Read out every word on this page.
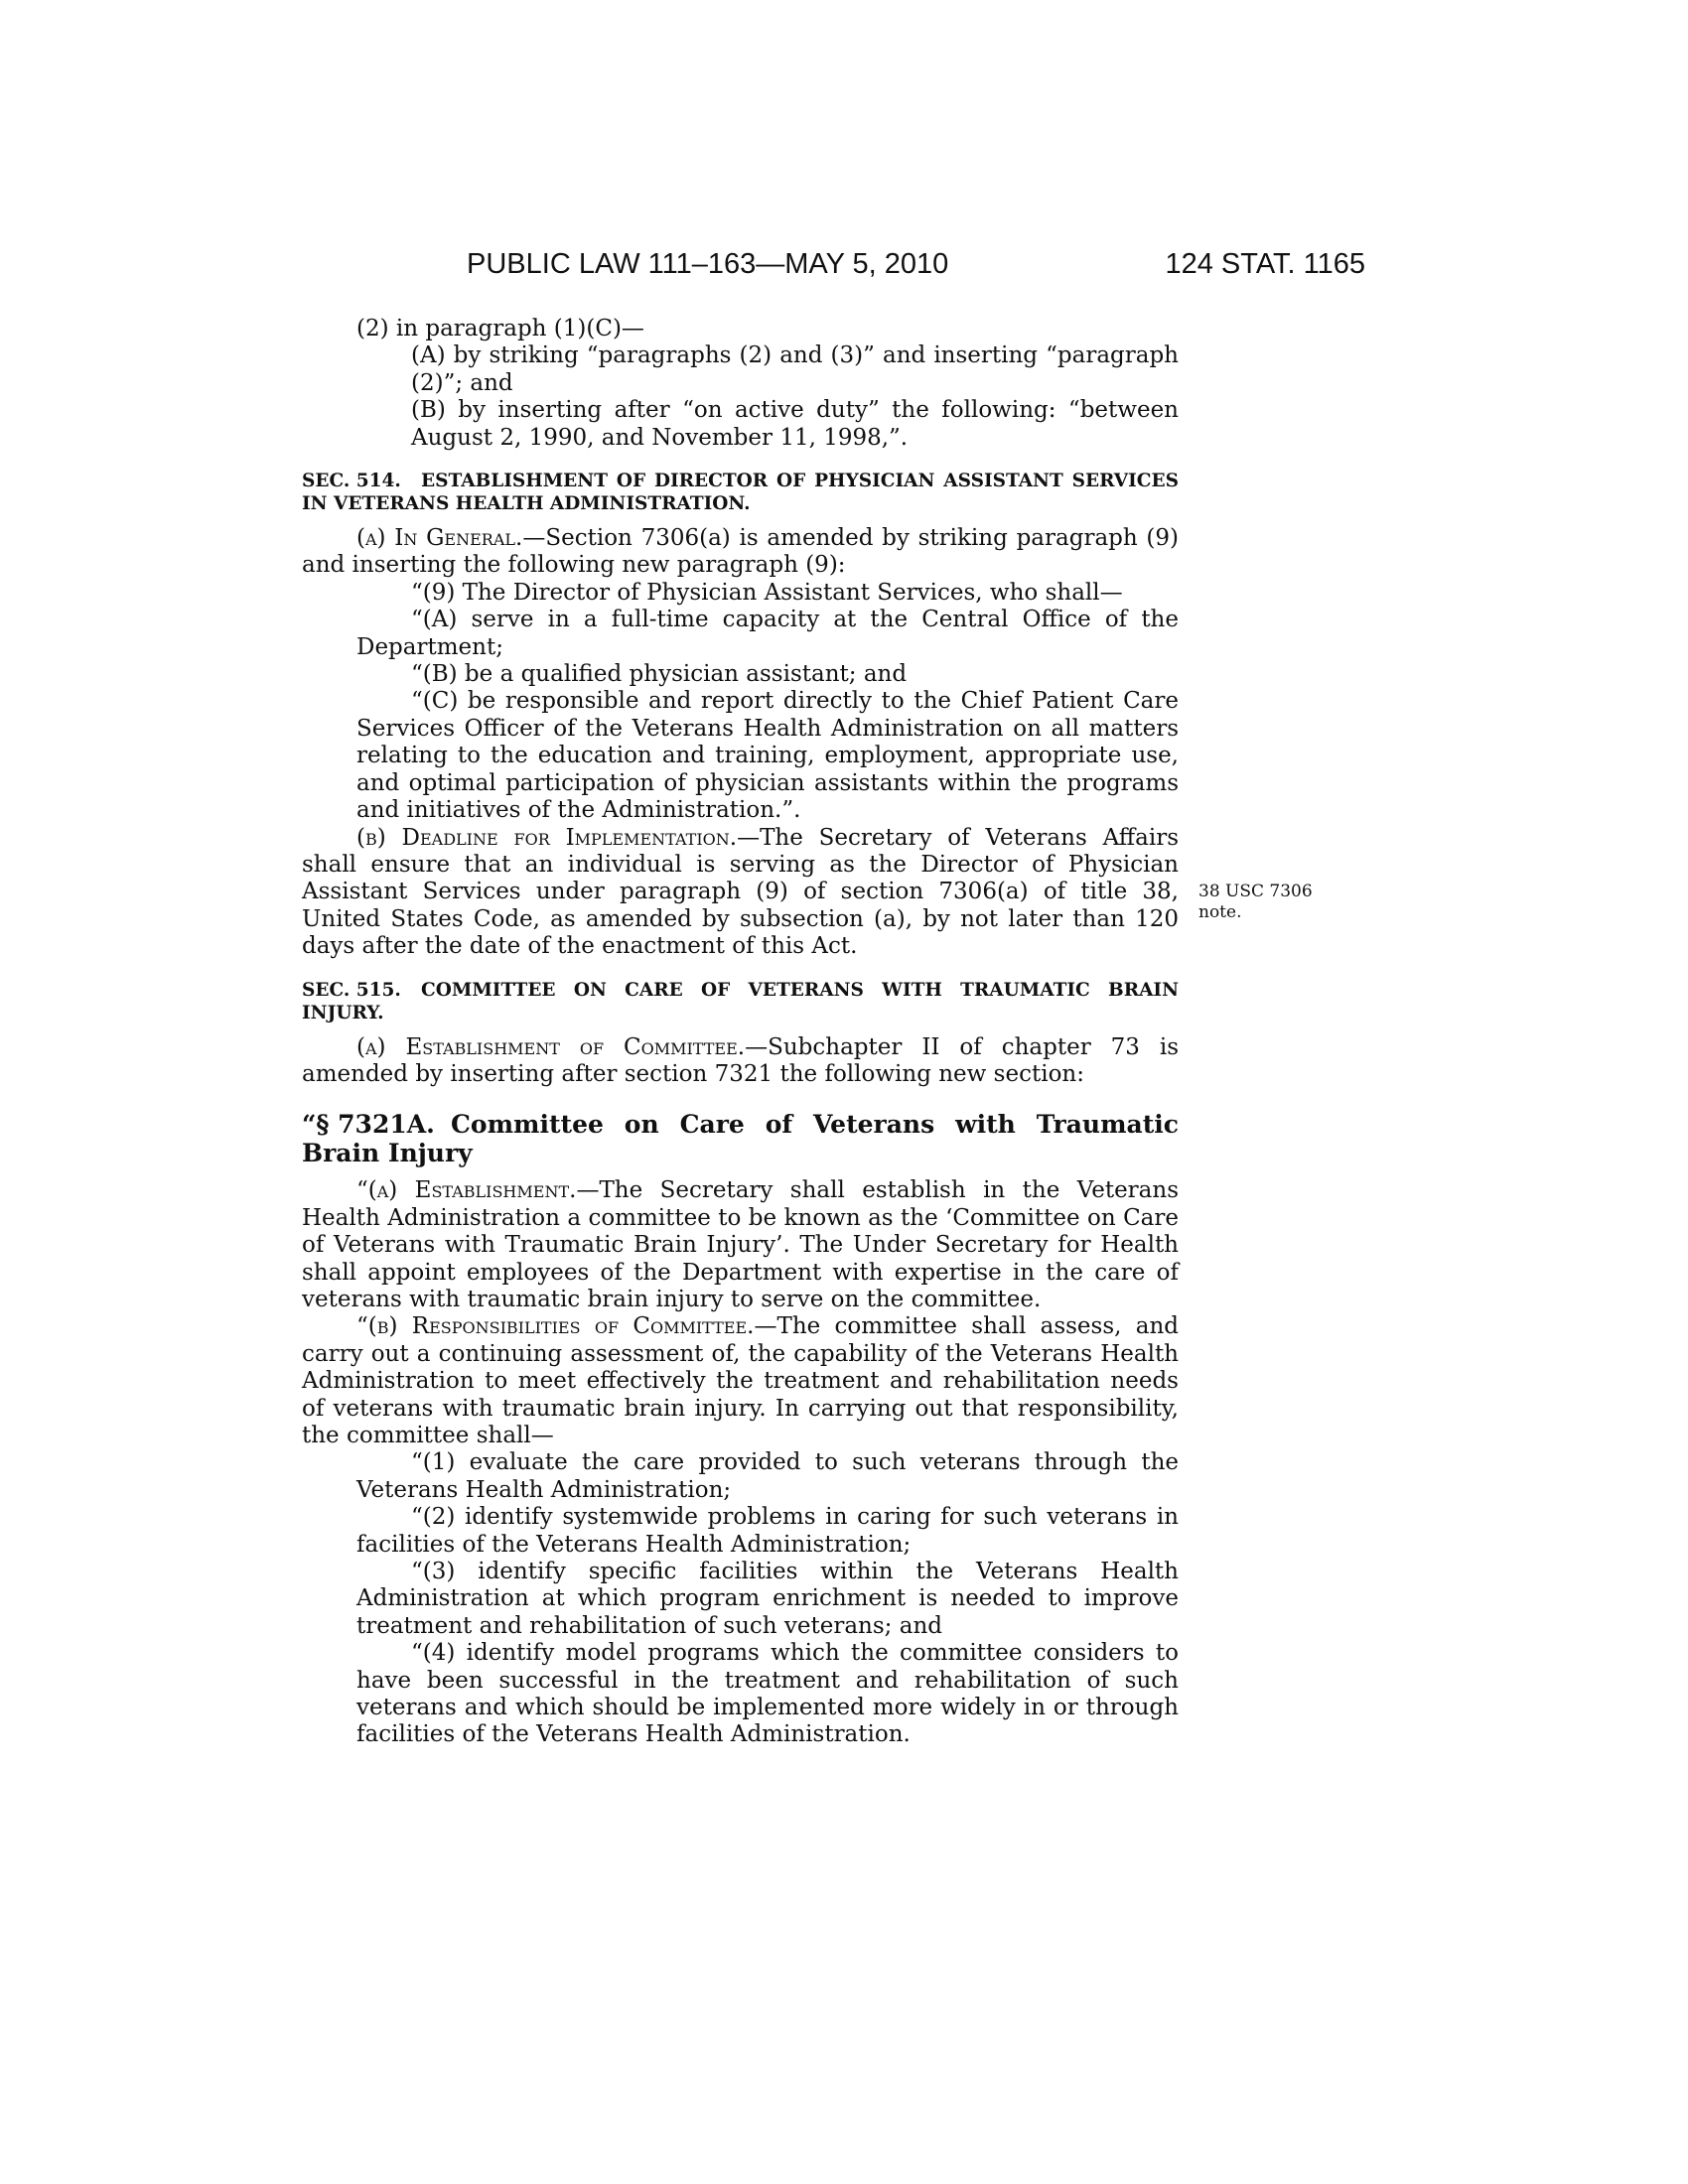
PUBLIC LAW 111–163—MAY 5, 2010	124 STAT. 1165
38 USC 7306
note.

(2) in paragraph (1)(C)—

(A) by striking “paragraphs (2) and (3)” and inserting “paragraph (2)”; and

(B) by inserting after “on active duty” the following: “between August 2, 1990, and November 11, 1998,”.

SEC. 514. ESTABLISHMENT OF DIRECTOR OF PHYSICIAN ASSISTANT SERVICES IN VETERANS HEALTH ADMINISTRATION.

(a) In General.—Section 7306(a) is amended by striking paragraph (9) and inserting the following new paragraph (9):

“(9) The Director of Physician Assistant Services, who shall—

“(A) serve in a full-time capacity at the Central Office of the Department;

“(B) be a qualified physician assistant; and

“(C) be responsible and report directly to the Chief Patient Care Services Officer of the Veterans Health Administration on all matters relating to the education and training, employment, appropriate use, and optimal participation of physician assistants within the programs and initiatives of the Administration.”.

(b) Deadline for Implementation.—The Secretary of Veterans Affairs shall ensure that an individual is serving as the Director of Physician Assistant Services under paragraph (9) of section 7306(a) of title 38, United States Code, as amended by subsection (a), by not later than 120 days after the date of the enactment of this Act.

SEC. 515. COMMITTEE ON CARE OF VETERANS WITH TRAUMATIC BRAIN INJURY.

(a) Establishment of Committee.—Subchapter II of chapter 73 is amended by inserting after section 7321 the following new section:

“§ 7321A. Committee on Care of Veterans with Traumatic Brain Injury

“(a) Establishment.—The Secretary shall establish in the Veterans Health Administration a committee to be known as the ‘Committee on Care of Veterans with Traumatic Brain Injury’. The Under Secretary for Health shall appoint employees of the Department with expertise in the care of veterans with traumatic brain injury to serve on the committee.

“(b) Responsibilities of Committee.—The committee shall assess, and carry out a continuing assessment of, the capability of the Veterans Health Administration to meet effectively the treatment and rehabilitation needs of veterans with traumatic brain injury. In carrying out that responsibility, the committee shall—

“(1) evaluate the care provided to such veterans through the Veterans Health Administration;

“(2) identify systemwide problems in caring for such veterans in facilities of the Veterans Health Administration;

“(3) identify specific facilities within the Veterans Health Administration at which program enrichment is needed to improve treatment and rehabilitation of such veterans; and

“(4) identify model programs which the committee considers to have been successful in the treatment and rehabilitation of such veterans and which should be implemented more widely in or through facilities of the Veterans Health Administration.
